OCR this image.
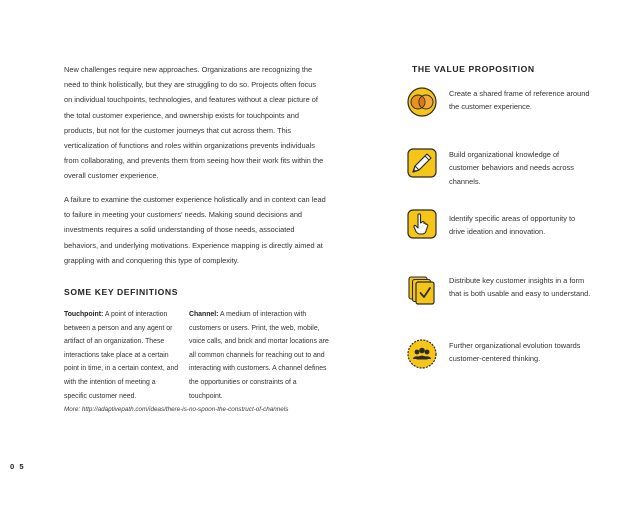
New challenges require new approaches. Organizations are recognizing the need to think holistically, but they are struggling to do so. Projects often focus on individual touchpoints, technologies, and features without a clear picture of the total customer experience, and ownership exists for touchpoints and products, but not for the customer journeys that cut across them. This verticalization of functions and roles within organizations prevents individuals from collaborating, and prevents them from seeing how their work fits within the overall customer experience.

A failure to examine the customer experience holistically and in context can lead to failure in meeting your customers' needs. Making sound decisions and investments requires a solid understanding of those needs, associated behaviors, and underlying motivations. Experience mapping is directly aimed at grappling with and conquering this type of complexity.

SOME KEY DEFINITIONS

Touchpoint: A point of interaction between a person and any agent or artifact of an organization. These interactions take place at a certain point in time, in a certain context, and with the intention of meeting a specific customer need.

Channel: A medium of interaction with customers or users. Print, the web, mobile, voice calls, and brick and mortar locations are all common channels for reaching out to and interacting with customers. A channel defines the opportunities or constraints of a touchpoint.

More: http://adaptivepath.com/ideas/there-is-no-spoon-the-construct-of-channels
0 5
THE VALUE PROPOSITION

Create a shared frame of reference around the customer experience.

Build organizational knowledge of customer behaviors and needs across channels.

Identify specific areas of opportunity to drive ideation and innovation.

Distribute key customer insights in a form that is both usable and easy to understand.

Further organizational evolution towards customer-centered thinking.
